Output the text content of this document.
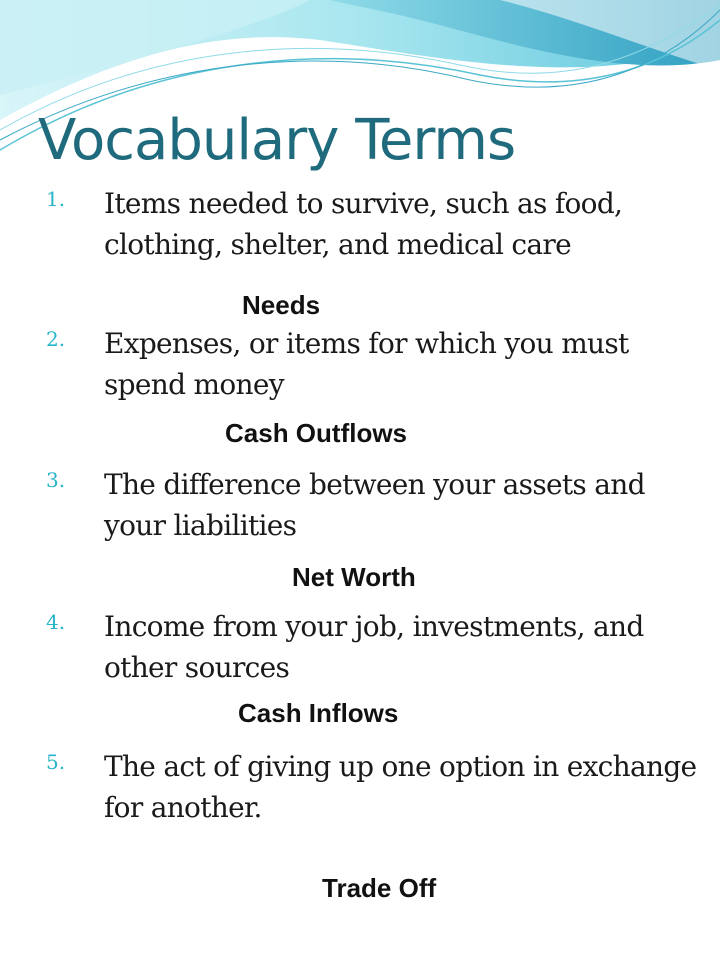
Vocabulary Terms
1.	Items needed to survive, such as food, clothing, shelter, and medical care
Needs
2.	Expenses, or items for which you must spend money
Cash Outflows
3.	The difference between your assets and your liabilities
Net Worth
4.	Income from your job, investments, and other sources
Cash Inflows
5.	The act of giving up one option in exchange for another.
Trade Off
